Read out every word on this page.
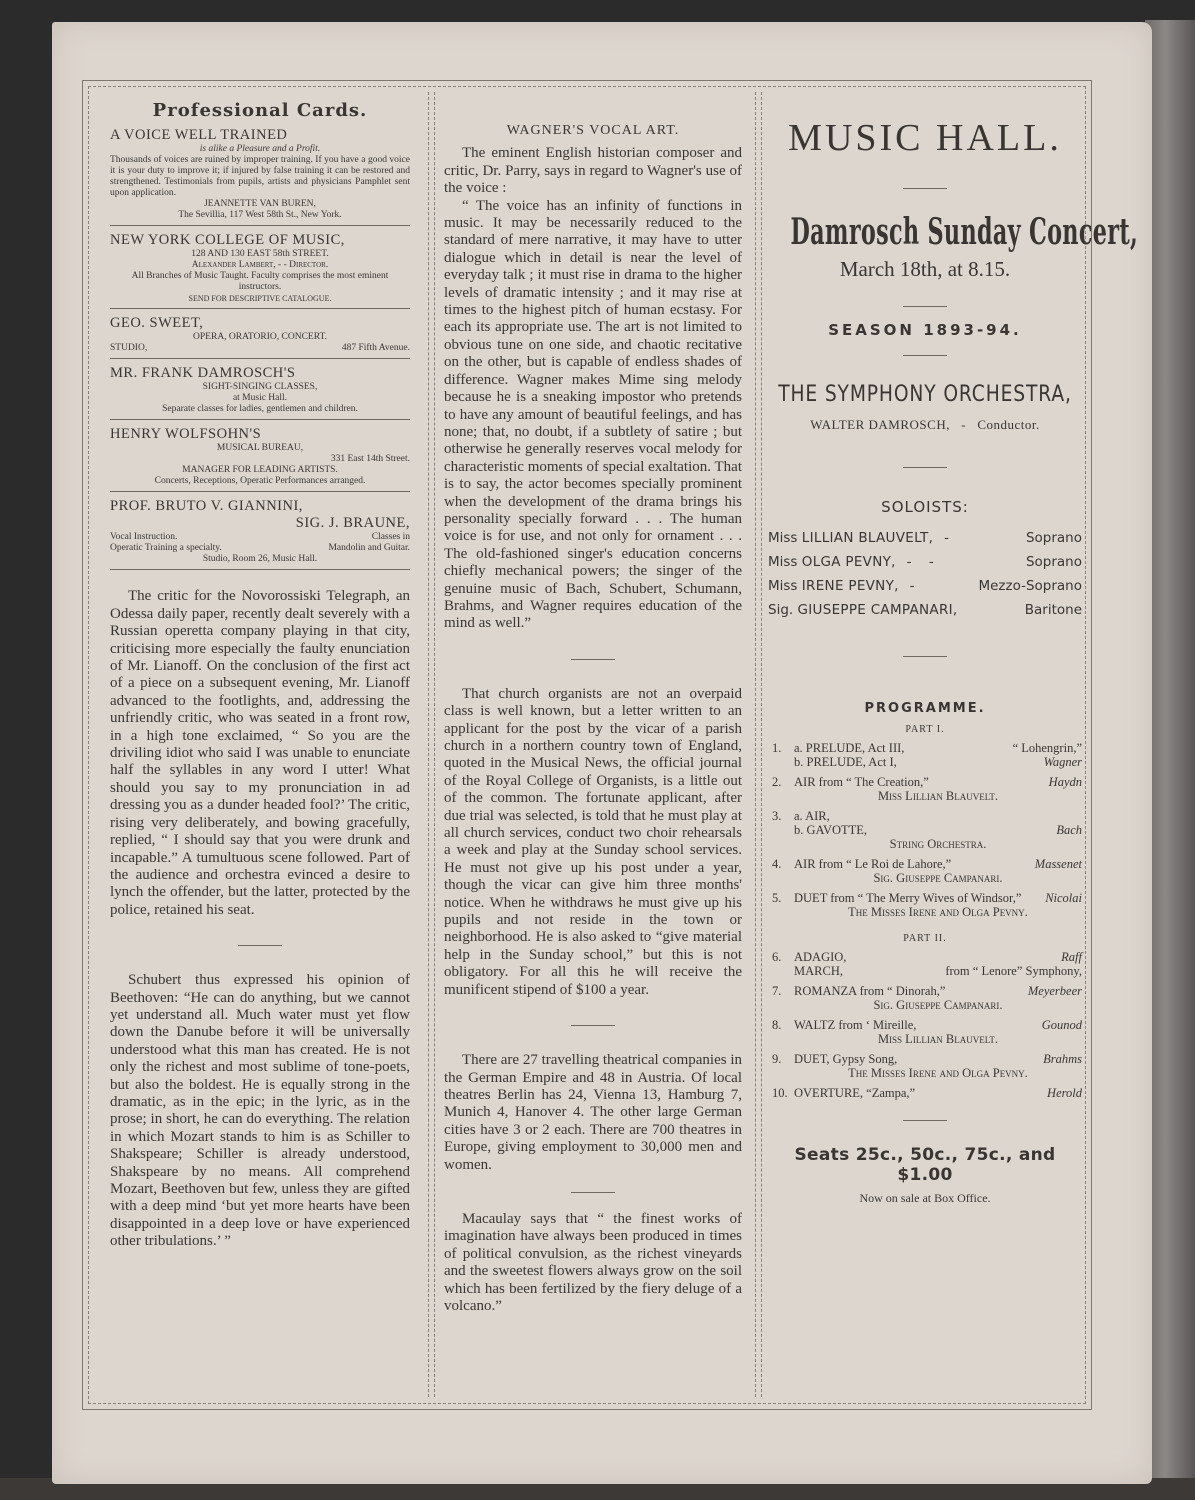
Professional Cards.
A VOICE WELL TRAINED
is alike a Pleasure and a Profit.
Thousands of voices are ruined by improper training. If you have a good voice it is your duty to improve it; if injured by false training it can be restored and strengthened. Testimonials from pupils, artists and physicians Pamphlet sent upon application.
JEANNETTE VAN BUREN,
The Sevillia, 117 West 58th St., New York.
NEW YORK COLLEGE OF MUSIC,
128 AND 130 EAST 58th STREET.
Alexander Lambert, - - Director.
All Branches of Music Taught. Faculty comprises the most eminent instructors.
SEND FOR DESCRIPTIVE CATALOGUE.
GEO. SWEET,
OPERA, ORATORIO, CONCERT.
STUDIO,	487 Fifth Avenue.
MR. FRANK DAMROSCH'S
SIGHT-SINGING CLASSES,
at Music Hall.
Separate classes for ladies, gentlemen and children.
HENRY WOLFSOHN'S
MUSICAL BUREAU,
331 East 14th Street.
MANAGER FOR LEADING ARTISTS.
Concerts, Receptions, Operatic Performances arranged.
PROF. BRUTO V. GIANNINI,
SIG. J. BRAUNE,
Vocal Instruction.	Classes in
Operatic Training a specialty.	Mandolin and Guitar.
Studio, Room 26, Music Hall.

The critic for the Novorossiski Telegraph, an Odessa daily paper, recently dealt severely with a Russian operetta company playing in that city, criticising more especially the faulty enunciation of Mr. Lianoff. On the conclusion of the first act of a piece on a subsequent evening, Mr. Lianoff advanced to the footlights, and, addressing the unfriendly critic, who was seated in a front row, in a high tone exclaimed, “ So you are the driviling idiot who said I was unable to enunciate half the syllables in any word I utter! What should you say to my pronunciation in ad dressing you as a dunder headed fool?’ The critic, rising very deliberately, and bowing gracefully, replied, “ I should say that you were drunk and incapable.” A tumultuous scene followed. Part of the audience and orchestra evinced a desire to lynch the offender, but the latter, protected by the police, retained his seat.

Schubert thus expressed his opinion of Beethoven: “He can do anything, but we cannot yet understand all. Much water must yet flow down the Danube before it will be universally understood what this man has created. He is not only the richest and most sublime of tone-poets, but also the boldest. He is equally strong in the dramatic, as in the epic; in the lyric, as in the prose; in short, he can do everything. The relation in which Mozart stands to him is as Schiller to Shakspeare; Schiller is already understood, Shakspeare by no means. All comprehend Mozart, Beethoven but few, unless they are gifted with a deep mind ‘but yet more hearts have been disappointed in a deep love or have experienced other tribulations.’ ”

WAGNER'S VOCAL ART.

The eminent English historian composer and critic, Dr. Parry, says in regard to Wagner's use of the voice :

“ The voice has an infinity of functions in music. It may be necessarily reduced to the standard of mere narrative, it may have to utter dialogue which in detail is near the level of everyday talk ; it must rise in drama to the higher levels of dramatic intensity ; and it may rise at times to the highest pitch of human ecstasy. For each its appropriate use. The art is not limited to obvious tune on one side, and chaotic recitative on the other, but is capable of endless shades of difference. Wagner makes Mime sing melody because he is a sneaking impostor who pretends to have any amount of beautiful feelings, and has none; that, no doubt, if a subtlety of satire ; but otherwise he generally reserves vocal melody for characteristic moments of special exaltation. That is to say, the actor becomes specially prominent when the development of the drama brings his personality specially forward . . . The human voice is for use, and not only for ornament . . . The old-fashioned singer's education concerns chiefly mechanical powers; the singer of the genuine music of Bach, Schubert, Schumann, Brahms, and Wagner requires education of the mind as well.”

That church organists are not an overpaid class is well known, but a letter written to an applicant for the post by the vicar of a parish church in a northern country town of England, quoted in the Musical News, the official journal of the Royal College of Organists, is a little out of the common. The fortunate applicant, after due trial was selected, is told that he must play at all church services, conduct two choir rehearsals a week and play at the Sunday school services. He must not give up his post under a year, though the vicar can give him three months' notice. When he withdraws he must give up his pupils and not reside in the town or neighborhood. He is also asked to “give material help in the Sunday school,” but this is not obligatory. For all this he will receive the munificent stipend of $100 a year.

There are 27 travelling theatrical companies in the German Empire and 48 in Austria. Of local theatres Berlin has 24, Vienna 13, Hamburg 7, Munich 4, Hanover 4. The other large German cities have 3 or 2 each. There are 700 theatres in Europe, giving employment to 30,000 men and women.

Macaulay says that “ the finest works of imagination have always been produced in times of political convulsion, as the richest vineyards and the sweetest flowers always grow on the soil which has been fertilized by the fiery deluge of a volcano.”

MUSIC HALL.
Damrosch Sunday Concert,
March 18th, at 8.15.
SEASON 1893-94.
THE SYMPHONY ORCHESTRA,
WALTER DAMROSCH,   -   Conductor.
SOLOISTS:
Miss LILLIAN BLAUVELT, -	Soprano
Miss OLGA PEVNY, - -	Soprano
Miss IRENE PEVNY, -	Mezzo-Soprano
Sig. GIUSEPPE CAMPANARI,	Baritone
PROGRAMME.
PART I.
1.	a. PRELUDE, Act III,	“ Lohengrin,”
b. PRELUDE, Act I,	Wagner
2.	AIR from “ The Creation,”	Haydn
Miss Lillian Blauvelt.
3.	a. AIR,
b. GAVOTTE,	Bach
String Orchestra.
4.	AIR from “ Le Roi de Lahore,”	Massenet
Sig. Giuseppe Campanari.
5.	DUET from “ The Merry Wives of Windsor,” Nicolai
The Misses Irene and Olga Pevny.
PART II.
6.	ADAGIO,	Raff
MARCH,	from “ Lenore” Symphony,
7.	ROMANZA from “ Dinorah,”	Meyerbeer
Sig. Giuseppe Campanari.
8.	WALTZ from ‘ Mireille,	Gounod
Miss Lillian Blauvelt.
9.	DUET, Gypsy Song,	Brahms
The Misses Irene and Olga Pevny.
10. OVERTURE, “Zampa,”	Herold
Seats 25c., 50c., 75c., and $1.00
Now on sale at Box Office.
